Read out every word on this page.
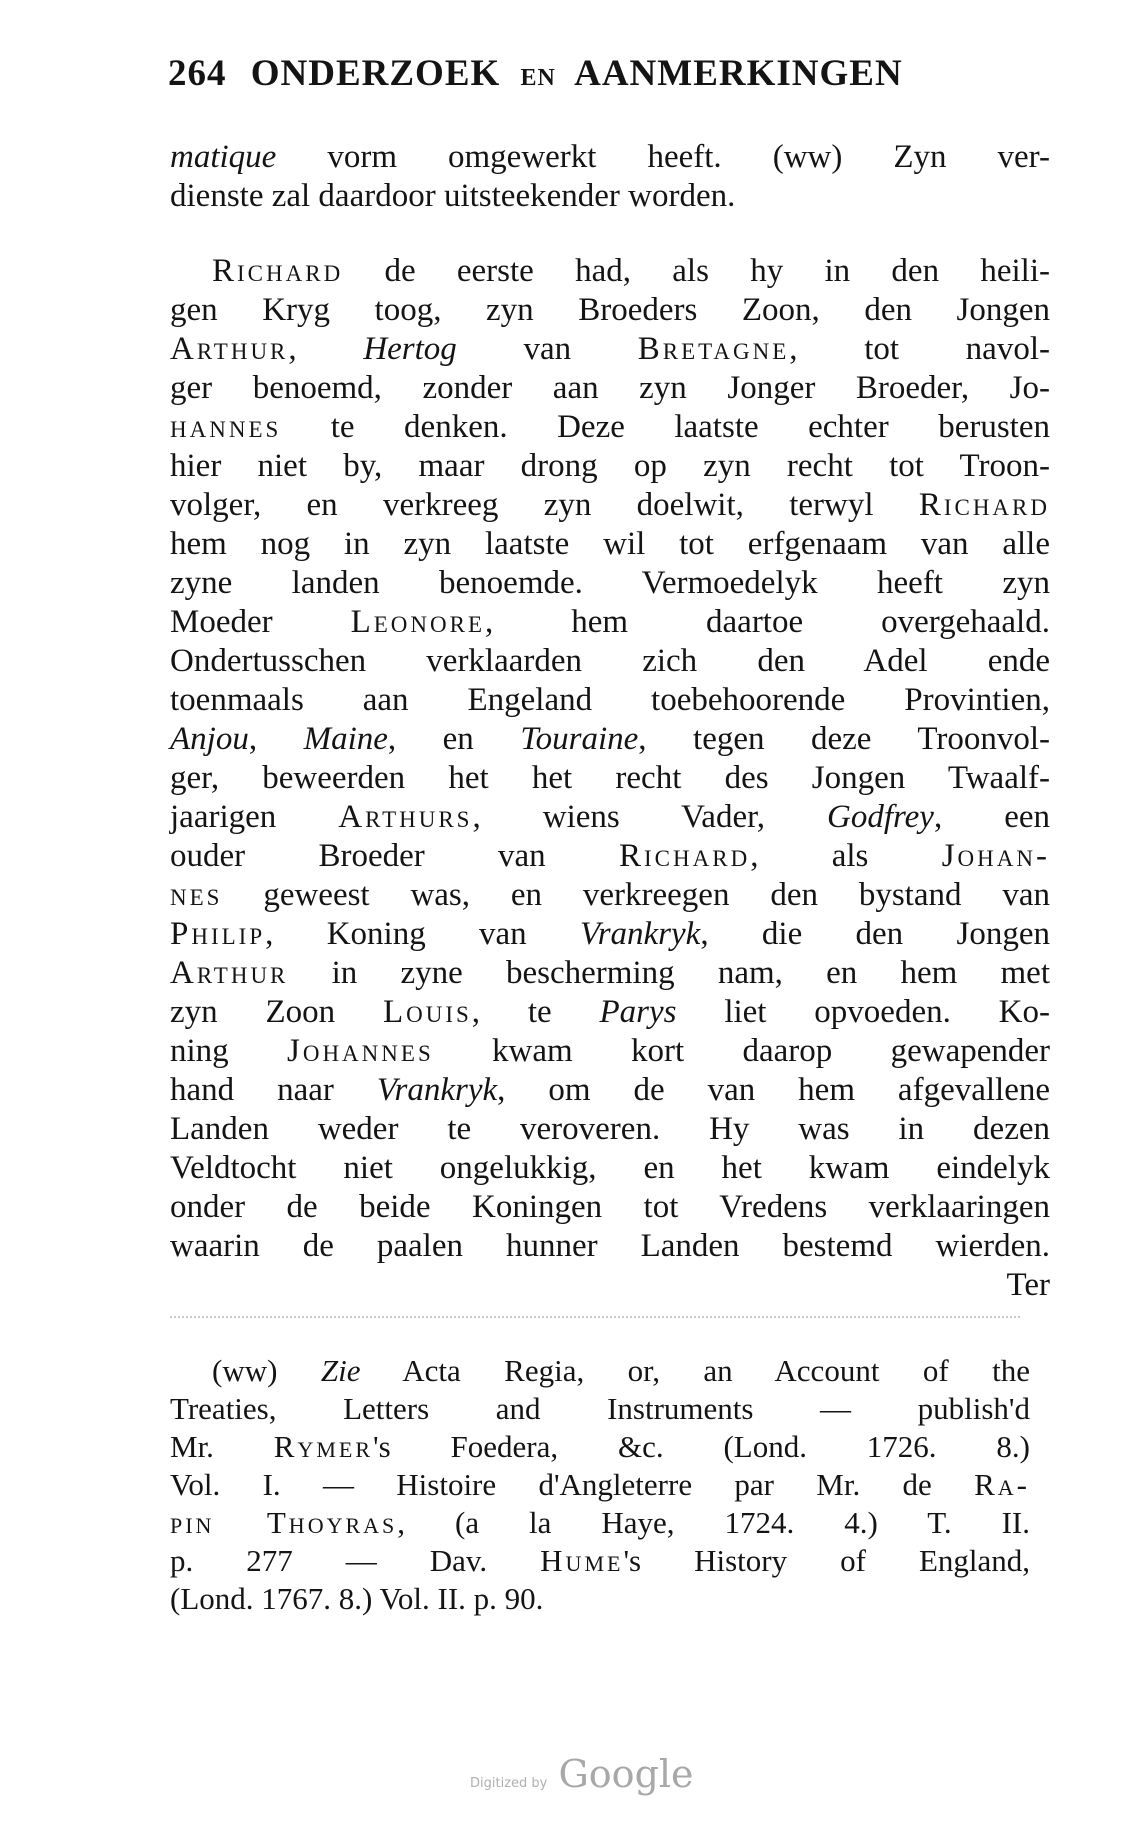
264 ONDERZOEK EN AANMERKINGEN
matique vorm omgewerkt heeft. (ww) Zyn ver-
dienste zal daardoor uitsteekender worden.
Richard de eerste had, als hy in den heili-
gen Kryg toog, zyn Broeders Zoon, den Jongen
Arthur, Hertog van Bretagne, tot navol-
ger benoemd, zonder aan zyn Jonger Broeder, Jo-
hannes te denken. Deze laatste echter berusten
hier niet by, maar drong op zyn recht tot Troon-
volger, en verkreeg zyn doelwit, terwyl Richard
hem nog in zyn laatste wil tot erfgenaam van alle
zyne landen benoemde. Vermoedelyk heeft zyn
Moeder Leonore, hem daartoe overgehaald.
Ondertusschen verklaarden zich den Adel ende
toenmaals aan Engeland toebehoorende Provintien,
Anjou, Maine, en Touraine, tegen deze Troonvol-
ger, beweerden het het recht des Jongen Twaalf-
jaarigen Arthurs, wiens Vader, Godfrey, een
ouder Broeder van Richard, als Johan-
nes geweest was, en verkreegen den bystand van
Philip, Koning van Vrankryk, die den Jongen
Arthur in zyne bescherming nam, en hem met
zyn Zoon Louis, te Parys liet opvoeden. Ko-
ning Johannes kwam kort daarop gewapender
hand naar Vrankryk, om de van hem afgevallene
Landen weder te veroveren. Hy was in dezen
Veldtocht niet ongelukkig, en het kwam eindelyk
onder de beide Koningen tot Vredens verklaaringen
waarin de paalen hunner Landen bestemd wierden.
Ter
(ww) Zie Acta Regia, or, an Account of the
Treaties, Letters and Instruments — publish'd
Mr. Rymer's Foedera, &c. (Lond. 1726. 8.)
Vol. I. — Histoire d'Angleterre par Mr. de Ra-
pin Thoyras, (a la Haye, 1724. 4.) T. II.
p. 277 — Dav. Hume's History of England,
(Lond. 1767. 8.) Vol. II. p. 90.
Digitized by Google
